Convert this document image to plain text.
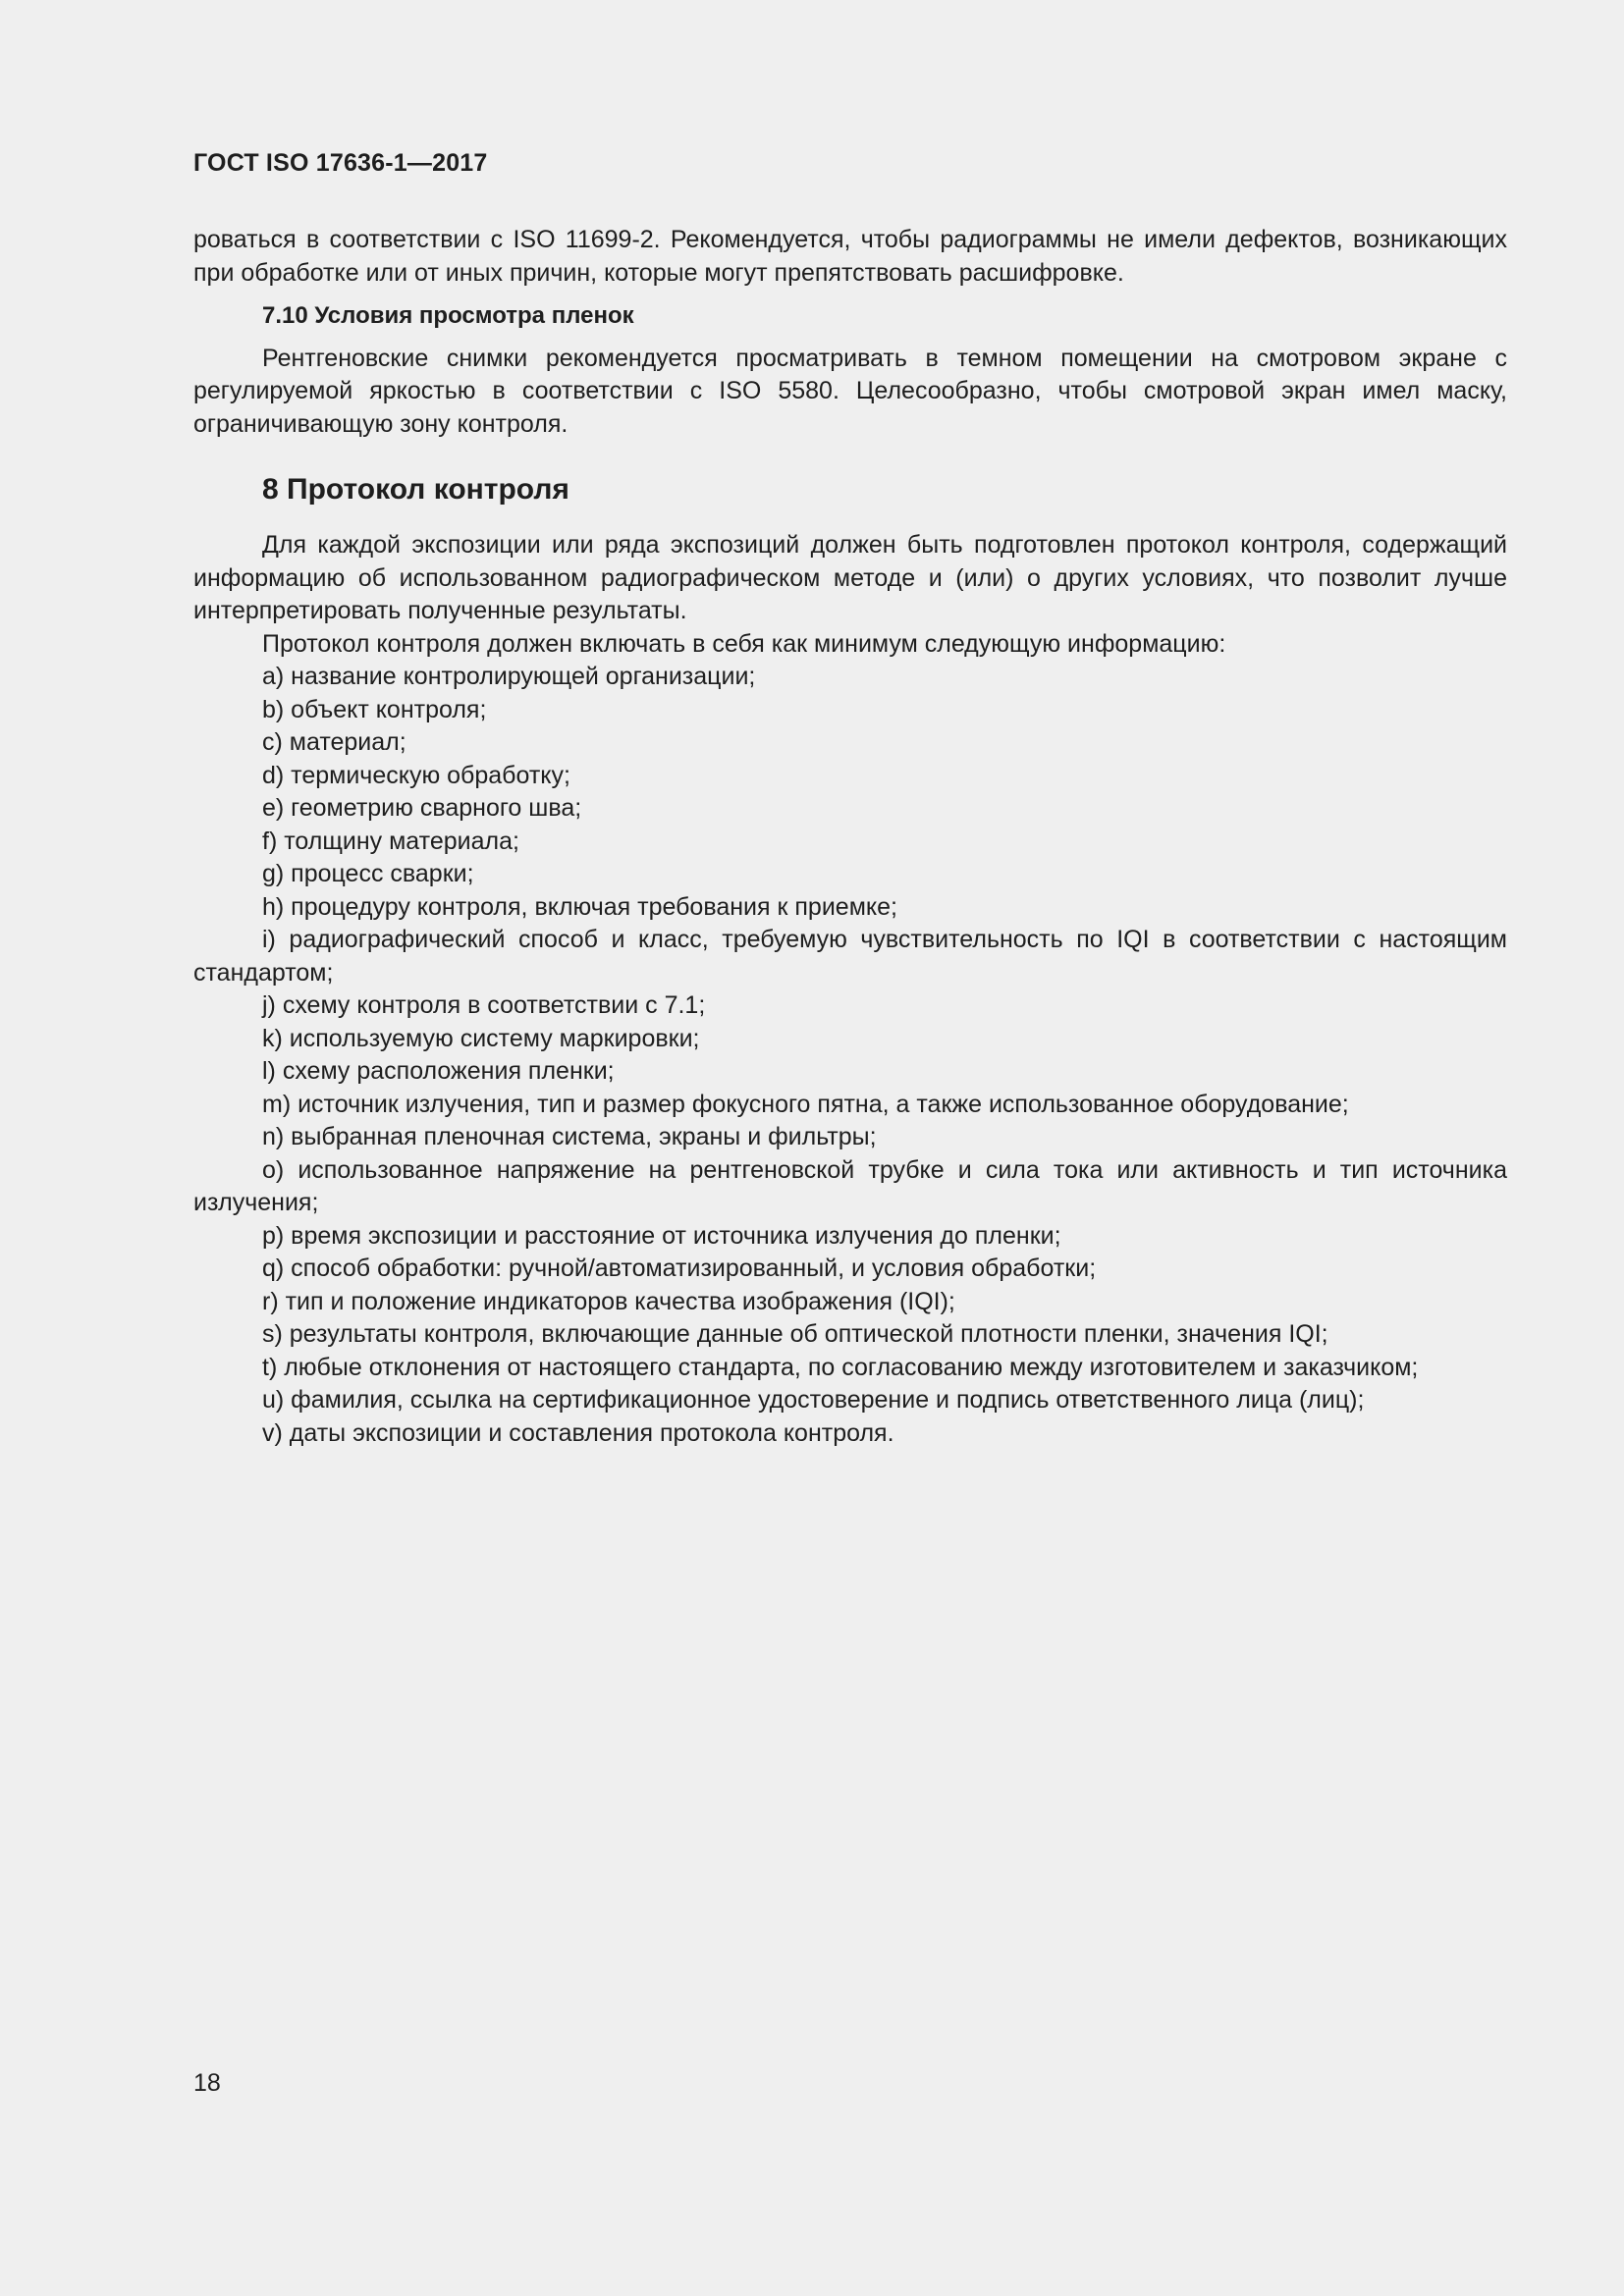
ГОСТ ISO 17636-1—2017

роваться в соответствии с ISO 11699-2. Рекомендуется, чтобы радиограммы не имели дефектов, возникающих при обработке или от иных причин, которые могут препятствовать расшифровке.

7.10 Условия просмотра пленок

Рентгеновские снимки рекомендуется просматривать в темном помещении на смотровом экране с регулируемой яркостью в соответствии с ISO 5580. Целесообразно, чтобы смотровой экран имел маску, ограничивающую зону контроля.

8 Протокол контроля

Для каждой экспозиции или ряда экспозиций должен быть подготовлен протокол контроля, содержащий информацию об использованном радиографическом методе и (или) о других условиях, что позволит лучше интерпретировать полученные результаты.

Протокол контроля должен включать в себя как минимум следующую информацию:

a) название контролирующей организации;
b) объект контроля;
c) материал;
d) термическую обработку;
e) геометрию сварного шва;
f) толщину материала;
g) процесс сварки;
h) процедуру контроля, включая требования к приемке;
i) радиографический способ и класс, требуемую чувствительность по IQI в соответствии с настоящим стандартом;
j) схему контроля в соответствии с 7.1;
k) используемую систему маркировки;
l) схему расположения пленки;
m) источник излучения, тип и размер фокусного пятна, а также использованное оборудование;
n) выбранная пленочная система, экраны и фильтры;
o) использованное напряжение на рентгеновской трубке и сила тока или активность и тип источника излучения;
p) время экспозиции и расстояние от источника излучения до пленки;
q) способ обработки: ручной/автоматизированный, и условия обработки;
r) тип и положение индикаторов качества изображения (IQI);
s) результаты контроля, включающие данные об оптической плотности пленки, значения IQI;
t) любые отклонения от настоящего стандарта, по согласованию между изготовителем и заказчиком;
u) фамилия, ссылка на сертификационное удостоверение и подпись ответственного лица (лиц);
v) даты экспозиции и составления протокола контроля.
18
